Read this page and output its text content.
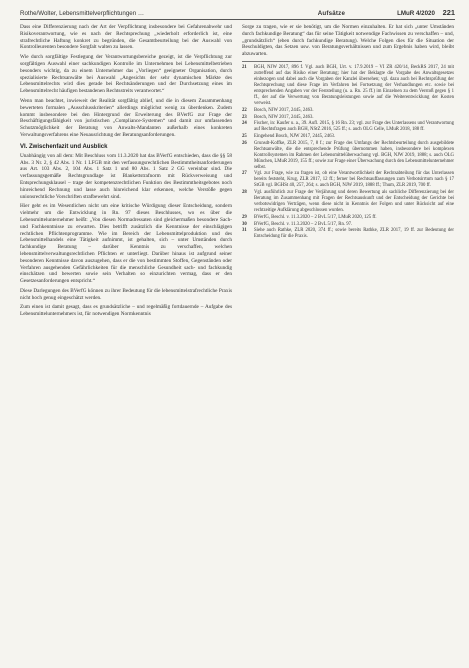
Rothe/Wolter, Lebensmittelverpflichtungen …	Aufsätze	LMuR 4/2020 221

Dass eine Differenzierung nach der Art der Verpflichtung insbesondere bei Gefahrenabwehr und Risikoverantwortung, wie es nach der Rechtsprechung „wiederholt erforderlich ist, eine strafrechtliche Haftung konkret zu begründen, die Gesamtbeurteilung bei der Auswahl von Kontrolleurenten besondere Sorgfalt walten zu lassen.

Wie durch sorgfältige Festlegung der Verantwortungsbereiche gezeigt, ist die Verpflichtung zur sorgfältigen Auswahl einer sachkundigen Kontrolle im Unternehmen bei Lebensmittelbetrieben besonders wichtig, da zu einem Unternehmer das „Vorliegen“ geeigneter Organisation, durch spezialisierte Rechtsanwälte bei Auswahl „Angesichts der sehr dynamischen Märkte des Lebensmittelrechts wird dies gerade bei Rechtsänderungen und der Durchsetzung eines im Lebensmittelrecht häufigen bestandenen Rechtsstreits verantwortet.“

Wenn man beachtet, inwieweit der Realität sorgfältig ablief, und die in diesem Zusammenhang bewerteten formalen „Ausschlusskriterien“ allerdings möglichst wenig zu überdenken. Zudem kommt insbesondere bei den Hintergrund der Erweiterung des BVerfG zur Frage der Beschäftigungsfähigkeit von juristischen „Compliance-Systemen“ und damit zur umfassenden Schutzmöglichkeit der Beratung von Anwalts-Mandanten außerhalb eines konkreten Verwaltungsverfahrens eine Neuausrichtung der Beratungsanforderungen.

VI. Zwischenfazit und Ausblick

Unabhängig von all dem: Mit Beschluss vom 11.3.2020 hat das BVerfG entschieden, dass die §§ 58 Abs. 3 Nr. 2, § 42 Abs. 1 Nr. 1 LFGB mit den verfassungsrechtlichen Bestimmtheitsanforderungen aus Art. 103 Abs. 2, 104 Abs. 1 Satz 1 und 80 Abs. 1 Satz 2 GG vereinbar sind. Die verfassungsgemäße Rechtsgrundlage ist Blankettstrafnorm mit Rückverweisung und Entsprechungsklausel – trage der kompetenzrechtlichen Funktion des Bestimmtheitsgebotes noch hinreichend Rechnung und lasse auch hinreichend klar erkennen, welche Verstöße gegen unionsrechtliche Vorschriften strafbewehrt sind.

Hier geht es im Wesentlichen nicht um eine kritische Würdigung dieser Entscheidung, sondern vielmehr um die Entwicklung in Rn. 97 dieses Beschlusses, wo es über die Lebensmittelunternehmer heißt: „Von diesen Normadressaten sind gleichermaßen besondere Sach- und Fachkenntnisse zu erwarten. Dies betrifft zusätzlich die Kenntnisse der einschlägigen rechtlichen Pflichtenprogramme. Wie im Bereich der Lebensmittelproduktion und des Lebensmittelhandels eine Tätigkeit aufnimmt, ist gehalten, sich – unter Umständen durch fachkundige Beratung – darüber Kenntnis zu verschaffen, welchen lebensmittelverwaltungsrechtlichen Pflichten er unterliegt. Darüber hinaus ist aufgrund seiner besonderen Kenntnisse davon auszugehen, dass er die von bestimmten Stoffen, Gegenständen oder Verfahren ausgehenden Gefährlichkeiten für die menschliche Gesundheit sach- und fachkundig einschätzen und bewerten sowie sein Verhalten so einzurichten vermag, dass er den Gesetzesanforderungen entspricht.“

Diese Darlegungen des BVerfG können zu ihrer Bedeutung für die lebensmittelstrafrechtliche Praxis nicht hoch genug eingeschätzt werden.

Zum einen ist damit gesagt, dass es grundsätzliche – und regelmäßig fortdauernde – Aufgabe des Lebensmittelunternehmers ist, für notwendigen Normkenntnis

Sorge zu tragen, wie er sie benötigt, um die Normen einzuhalten. Er hat sich „unter Umständen durch fachkundige Beratung“ das für seine Tätigkeit notwendige Fachwissen zu verschaffen – und, „grundsätzlich“ (eben durch fachkundige Beratung). Welche Folgen dies für die Situation der Beschuldigten, das Setzen usw. von Beratungsverhältnissen und zum Ergebnis haben wird, bleibt abzuwarten.

21	BGH, NJW 2017, 896 f. Vgl. auch BGH, Urt. v. 17.9.2019 – VI ZR 420/14, BeckRS 2017, 24 mit zutreffend auf das Risiko einer Beratung; hier hat der Beklagte die Vorgabe des Anwaltsgesetzes einbezogen und dabei auch die Vorgaben der Kanzlei übersehen; vgl. dazu auch bei Rechtsprüfung der Rechtsprechung und diese Frage im Verfahren bei Fortsetzung der Verhandlungen etc. sowie bei entsprechenden Angaben vor der Feststellung (u. a. Rn. 25 ff.) im Einzelnen zu dem Verstoß gegen § 1 ff., der auf die Verwertung von Beratungsleistungen sowie auf die Weiterentwicklung der Kosten verweist.
22	Bosch, NJW 2017, 2445, 2463.
23	Bosch, NJW 2017, 2445, 2463.
24	Fischer, in: Kaufer u. a., 39. Aufl. 2015, § 16 Rn. 23; vgl. zur Frage des Unterlassens und Verantwortung auf Rechtsfragen auch BGH, NStZ 2016, 525 ff.; s. auch OLG Celle, LMuR 2018, 188 ff.
25	Eingehend Bosch, NJW 2017, 2445, 2463.
26	Grunsdt-Koffke, ZLR 2015, 7, 8 f.; zur Frage des Umfangs der Rechtsbeurteilung durch ausgebildete Rechtsanwälte, die die entsprechende Prüfung übernommen haben, insbesondere bei komplexen Kontrollsystemen im Rahmen der Lebensmittelüberwachung vgl. BGH, NJW 2019, 1888; s. auch OLG München, LMuR 2019, 155 ff.; sowie zur Frage einer Überwachung durch den Lebensmittelunternehmer selbst.
27	Vgl. zur Frage, wie zu fragen ist, ob eine Verantwortlichkeit der Rechtsabteilung für das Unterlassen bereits feststeht, Krug, ZLR 2017, 12 ff.; ferner bei Rechtsauffassungen zum Verbotsirrtum nach § 17 StGB vgl. BGHSt 40, 257, 264; s. auch BGH, NJW 2019, 1888 ff.; Thum, ZLR 2019, 700 ff.
28	Vgl. ausführlich zur Frage der Verjährung und deren Bewertung als sachliche Differenzierung bei der Beratung im Zusammenhang mit Fragen der Rechtsauskunft und der Entscheidung der Gerichte bei verbotswidrigen Verträgen, wenn diese nicht in Kenntnis der Folgen und unter Rücksicht auf eine rechtzeitige Aufklärung abgeschlossen wurden.
29	BVerfG, Beschl. v. 11.3.2020 – 2 BvL 5/17, LMuR 2020, 125 ff.
30	BVerfG, Beschl. v. 11.3.2020 – 2 BvL 5/17, Rn. 97.
31	Siehe auch Rathke, ZLR 2020, 374 ff.; sowie bereits Rathke, ZLR 2017, 19 ff. zur Bedeutung der Entscheidung für die Praxis.
